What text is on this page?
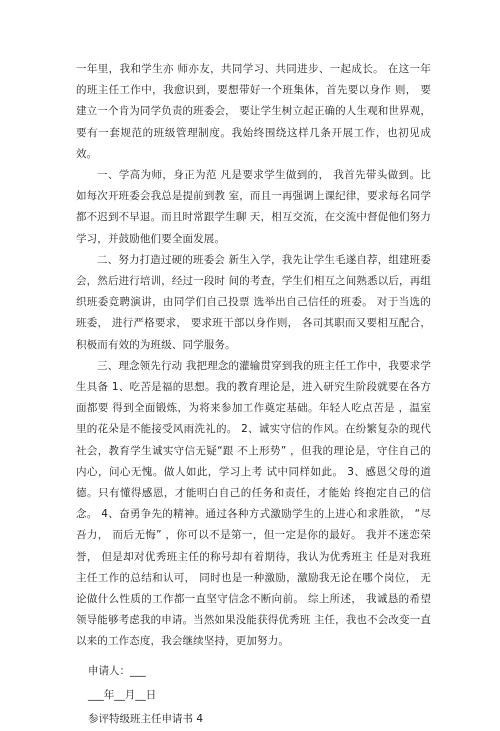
一年里，我和学生亦 师亦友，共同学习、共同进步、一起成长。 在这一年的班主任工作中，我愈识到，要想带好一个班集体，首先要以身作 则， 要建立一个肯为同学负责的班委会， 要让学生树立起正确的人生观和世界观， 要有一套规范的班级管理制度。我始终围绕这样几条开展工作，也初见成效。

一、学高为师，身正为范 凡是要求学生做到的， 我首先带头做到。比如每次开班委会我总是提前到教 室，而且一再强调上课纪律，要求每名同学都不迟到不早退。而且时常跟学生聊 天，相互交流，在交流中督促他们努力学习，并鼓励他们要全面发展。

二、努力打造过硬的班委会 新生入学，我先让学生毛遂自荐，组建班委会，然后进行培训，经过一段时 间的考查，学生们相互之间熟悉以后，再组织班委竞聘演讲，由同学们自己投票 选举出自己信任的班委。 对于当选的班委， 进行严格要求， 要求班干部以身作则， 各司其职而又要相互配合，积极而有效的为班级、同学服务。

三、理念领先行动 我把理念的灌输贯穿到我的班主任工作中，我要求学生具备 1、吃苦是福的思想。我的教育理论是，进入研究生阶段就要在各方面都要 得到全面锻炼，为将来参加工作奠定基础。年轻人吃点苦是 ，温室里的花朵是不能接受风雨洗礼的。 2、诚实守信的作风。在纷繁复杂的现代社会，教育学生诚实守信无疑“跟 不上形势” ，但我的理论是，守住自己的内心，问心无愧。做人如此，学习上考 试中同样如此。 3、感恩父母的道德。只有懂得感恩，才能明白自己的任务和责任，才能始 终抱定自己的信念。 4、奋勇争先的精神。通过各种方式激励学生的上进心和求胜欲， “尽吾力， 而后无悔” ，你可以不是第一，但一定是你的最好。 我并不迷恋荣誉， 但是却对优秀班主任的称号却有着期待，我认为优秀班主 任是对我班主任工作的总结和认可， 同时也是一种激励，激励我无论在哪个岗位， 无论做什么性质的工作都一直坚守信念不断向前。 综上所述， 我诚恳的希望领导能够考虑我的申请。当然如果没能获得优秀班 主任，我也不会改变一直以来的工作态度，我会继续坚持，更加努力。

申请人：___

___年__月__日

参评特级班主任申请书 4
